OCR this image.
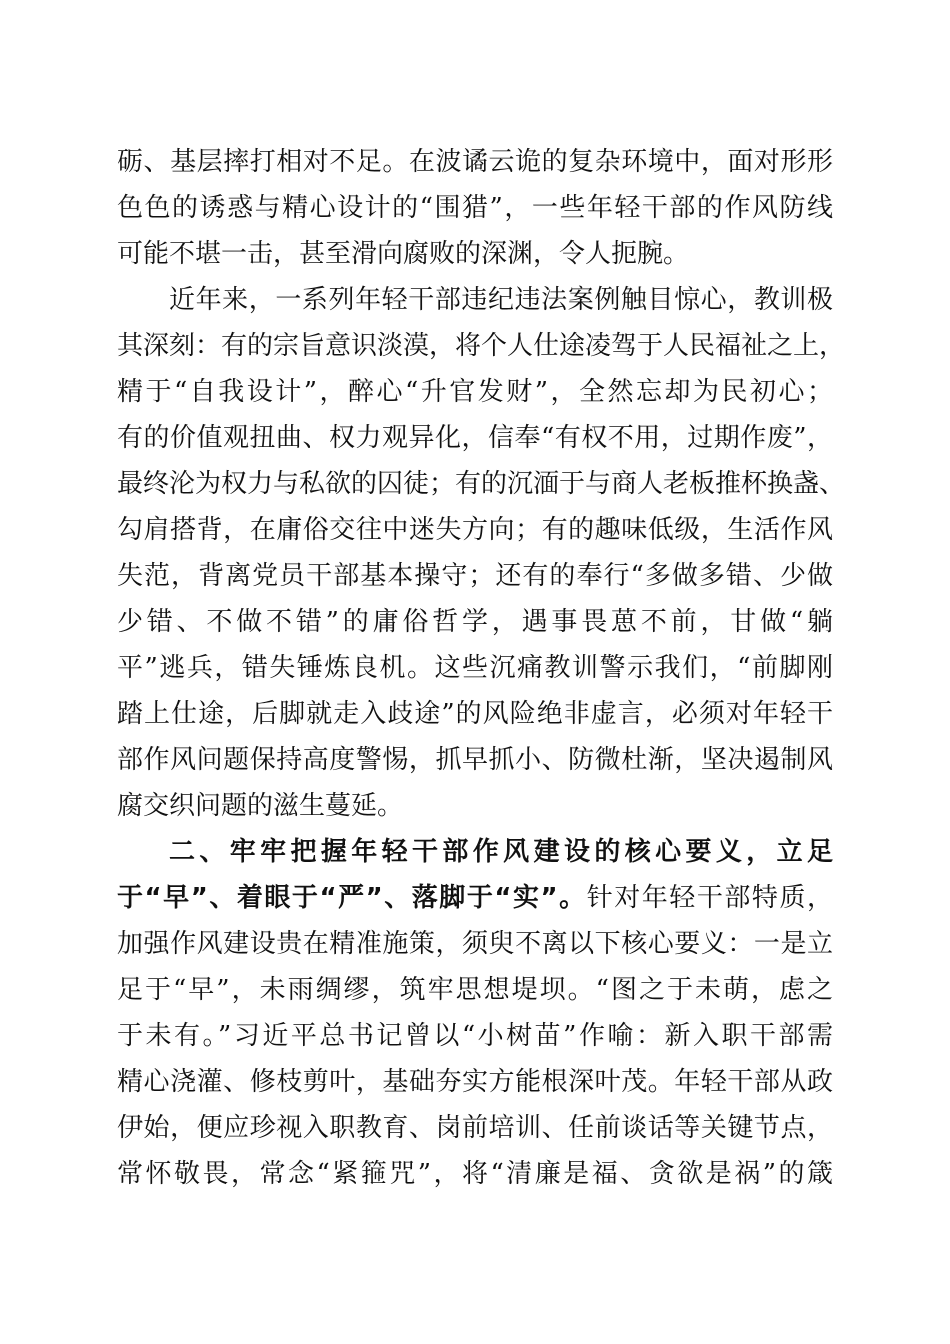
砺、基层摔打相对不足。在波谲云诡的复杂环境中，面对形形
色色的诱惑与精心设计的“围猎”，一些年轻干部的作风防线
可能不堪一击，甚至滑向腐败的深渊，令人扼腕。
近年来，一系列年轻干部违纪违法案例触目惊心，教训极
其深刻：有的宗旨意识淡漠，将个人仕途凌驾于人民福祉之上，
精于“自我设计”，醉心“升官发财”，全然忘却为民初心；
有的价值观扭曲、权力观异化，信奉“有权不用，过期作废”，
最终沦为权力与私欲的囚徒；有的沉湎于与商人老板推杯换盏、
勾肩搭背，在庸俗交往中迷失方向；有的趣味低级，生活作风
失范，背离党员干部基本操守；还有的奉行“多做多错、少做
少错、不做不错”的庸俗哲学，遇事畏葸不前，甘做“躺
平”逃兵，错失锤炼良机。这些沉痛教训警示我们，“前脚刚
踏上仕途，后脚就走入歧途”的风险绝非虚言，必须对年轻干
部作风问题保持高度警惕，抓早抓小、防微杜渐，坚决遏制风
腐交织问题的滋生蔓延。
二、牢牢把握年轻干部作风建设的核心要义，立足
于“早”、着眼于“严”、落脚于“实”。针对年轻干部特质，
加强作风建设贵在精准施策，须臾不离以下核心要义：一是立
足于“早”，未雨绸缪，筑牢思想堤坝。“图之于未萌，虑之
于未有。”习近平总书记曾以“小树苗”作喻：新入职干部需
精心浇灌、修枝剪叶，基础夯实方能根深叶茂。年轻干部从政
伊始，便应珍视入职教育、岗前培训、任前谈话等关键节点，
常怀敬畏，常念“紧箍咒”，将“清廉是福、贪欲是祸”的箴
